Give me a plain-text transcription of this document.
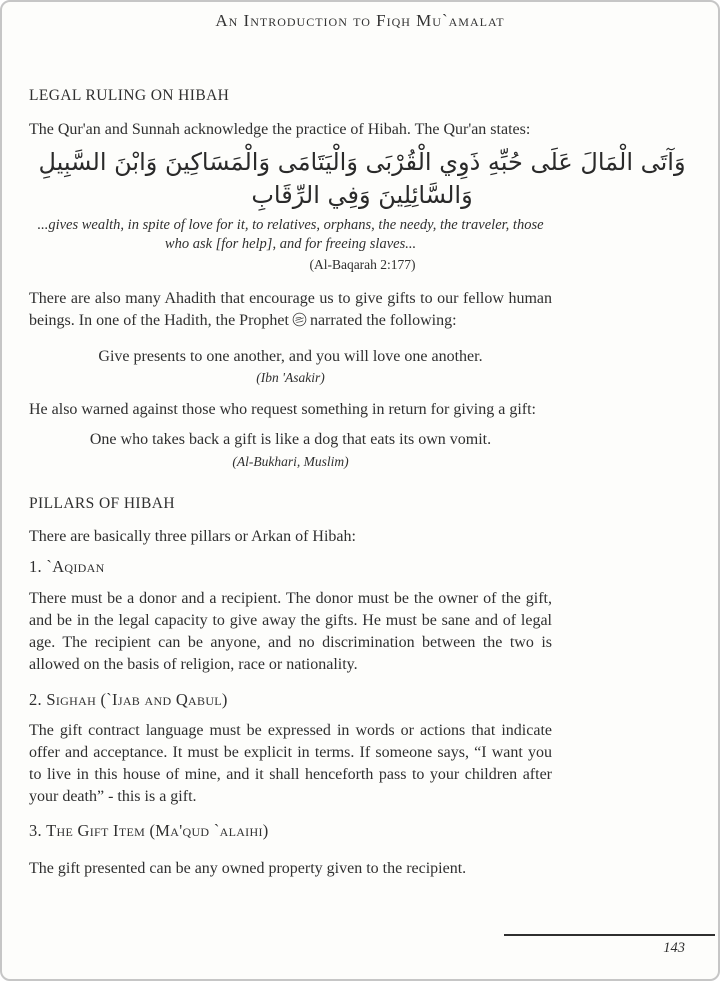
An Introduction to Fiqh Mu`amalat
LEGAL RULING ON HIBAH
The Qur'an and Sunnah acknowledge the practice of Hibah. The Qur'an states:
وَآتَى الْمَالَ عَلَى حُبِّهِ ذَوِي الْقُرْبَى وَالْيَتَامَى وَالْمَسَاكِينَ وَابْنَ السَّبِيلِ
وَالسَّائِلِينَ وَفِي الرِّقَابِ
...gives wealth, in spite of love for it, to relatives, orphans, the needy, the traveler, those
who ask [for help], and for freeing slaves...
(Al-Baqarah 2:177)
There are also many Ahadith that encourage us to give gifts to our fellow human beings. In one of the Hadith, the Prophet narrated the following:
Give presents to one another, and you will love one another.
(Ibn 'Asakir)
He also warned against those who request something in return for giving a gift:
One who takes back a gift is like a dog that eats its own vomit.
(Al-Bukhari, Muslim)
PILLARS OF HIBAH
There are basically three pillars or Arkan of Hibah:
1. `Aqidan
There must be a donor and a recipient. The donor must be the owner of the gift, and be in the legal capacity to give away the gifts. He must be sane and of legal age. The recipient can be anyone, and no discrimination between the two is allowed on the basis of religion, race or nationality.
2. Sighah (`Ijab and Qabul)
The gift contract language must be expressed in words or actions that indicate offer and acceptance. It must be explicit in terms. If someone says, “I want you to live in this house of mine, and it shall henceforth pass to your children after your death” - this is a gift.
3. The Gift Item (Ma'qud `alaihi)
The gift presented can be any owned property given to the recipient.
143
